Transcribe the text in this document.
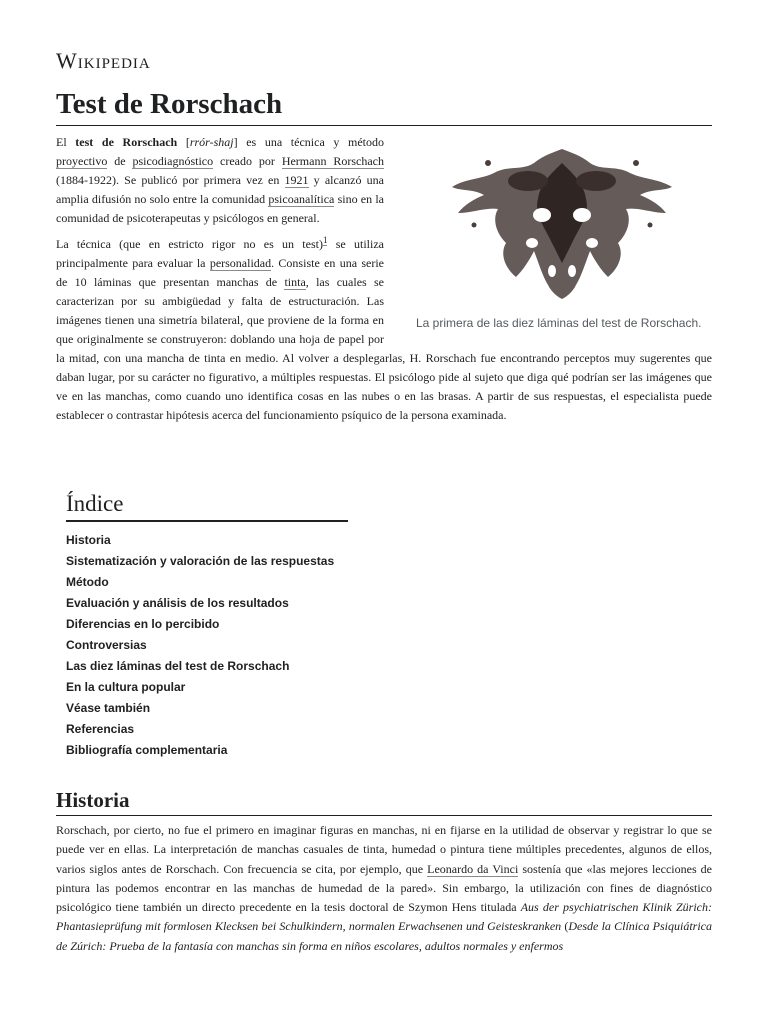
Wikipedia
Test de Rorschach
La primera de las diez láminas del test de Rorschach.

El test de Rorschach [rrór-shaj] es una técnica y método proyectivo de psicodiagnóstico creado por Hermann Rorschach (1884-1922). Se publicó por primera vez en 1921 y alcanzó una amplia difusión no solo entre la comunidad psicoanalítica sino en la comunidad de psicoterapeutas y psicólogos en general.

La técnica (que en estricto rigor no es un test)$^1$ se utiliza principalmente para evaluar la personalidad. Consiste en una serie de 10 láminas que presentan manchas de tinta, las cuales se caracterizan por su ambigüedad y falta de estructuración. Las imágenes tienen una simetría bilateral, que proviene de la forma en que originalmente se construyeron: doblando una hoja de papel por la mitad, con una mancha de tinta en medio. Al volver a desplegarlas, H. Rorschach fue encontrando perceptos muy sugerentes que daban lugar, por su carácter no figurativo, a múltiples respuestas. El psicólogo pide al sujeto que diga qué podrían ser las imágenes que ve en las manchas, como cuando uno identifica cosas en las nubes o en las brasas. A partir de sus respuestas, el especialista puede establecer o contrastar hipótesis acerca del funcionamiento psíquico de la persona examinada.

Índice
Historia
Sistematización y valoración de las respuestas
Método
Evaluación y análisis de los resultados
Diferencias en lo percibido
Controversias
Las diez láminas del test de Rorschach
En la cultura popular
Véase también
Referencias
Bibliografía complementaria
Historia

Rorschach, por cierto, no fue el primero en imaginar figuras en manchas, ni en fijarse en la utilidad de observar y registrar lo que se puede ver en ellas. La interpretación de manchas casuales de tinta, humedad o pintura tiene múltiples precedentes, algunos de ellos, varios siglos antes de Rorschach. Con frecuencia se cita, por ejemplo, que Leonardo da Vinci sostenía que «las mejores lecciones de pintura las podemos encontrar en las manchas de humedad de la pared». Sin embargo, la utilización con fines de diagnóstico psicológico tiene también un directo precedente en la tesis doctoral de Szymon Hens titulada Aus der psychiatrischen Klinik Zürich: Phantasieprüfung mit formlosen Klecksen bei Schulkindern, normalen Erwachsenen und Geisteskranken (Desde la Clínica Psiquiátrica de Zúrich: Prueba de la fantasía con manchas sin forma en niños escolares, adultos normales y enfermos
